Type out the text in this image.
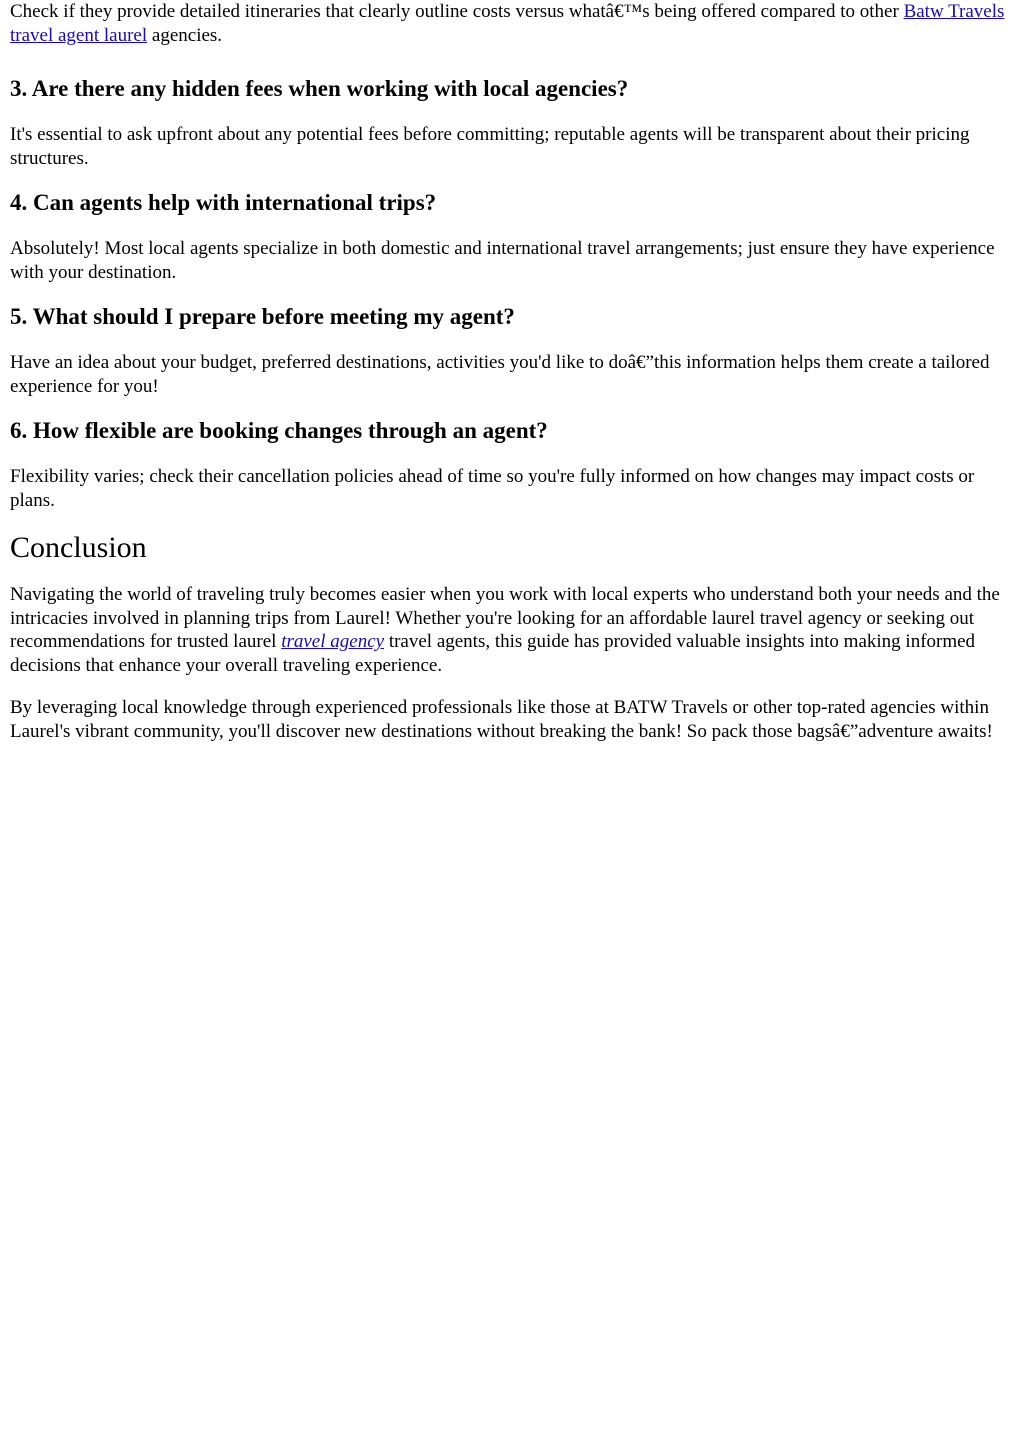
Check if they provide detailed itineraries that clearly outline costs versus whatâ€™s being offered compared to other Batw Travels travel agent laurel agencies.

3. Are there any hidden fees when working with local agencies?

It's essential to ask upfront about any potential fees before committing; reputable agents will be transparent about their pricing structures.

4. Can agents help with international trips?

Absolutely! Most local agents specialize in both domestic and international travel arrangements; just ensure they have experience with your destination.

5. What should I prepare before meeting my agent?

Have an idea about your budget, preferred destinations, activities you'd like to doâ€”this information helps them create a tailored experience for you!

6. How flexible are booking changes through an agent?

Flexibility varies; check their cancellation policies ahead of time so you're fully informed on how changes may impact costs or plans.

Conclusion

Navigating the world of traveling truly becomes easier when you work with local experts who understand both your needs and the intricacies involved in planning trips from Laurel! Whether you're looking for an affordable laurel travel agency or seeking out recommendations for trusted laurel travel agency travel agents, this guide has provided valuable insights into making informed decisions that enhance your overall traveling experience.

By leveraging local knowledge through experienced professionals like those at BATW Travels or other top-rated agencies within Laurel's vibrant community, you'll discover new destinations without breaking the bank! So pack those bagsâ€”adventure awaits!
